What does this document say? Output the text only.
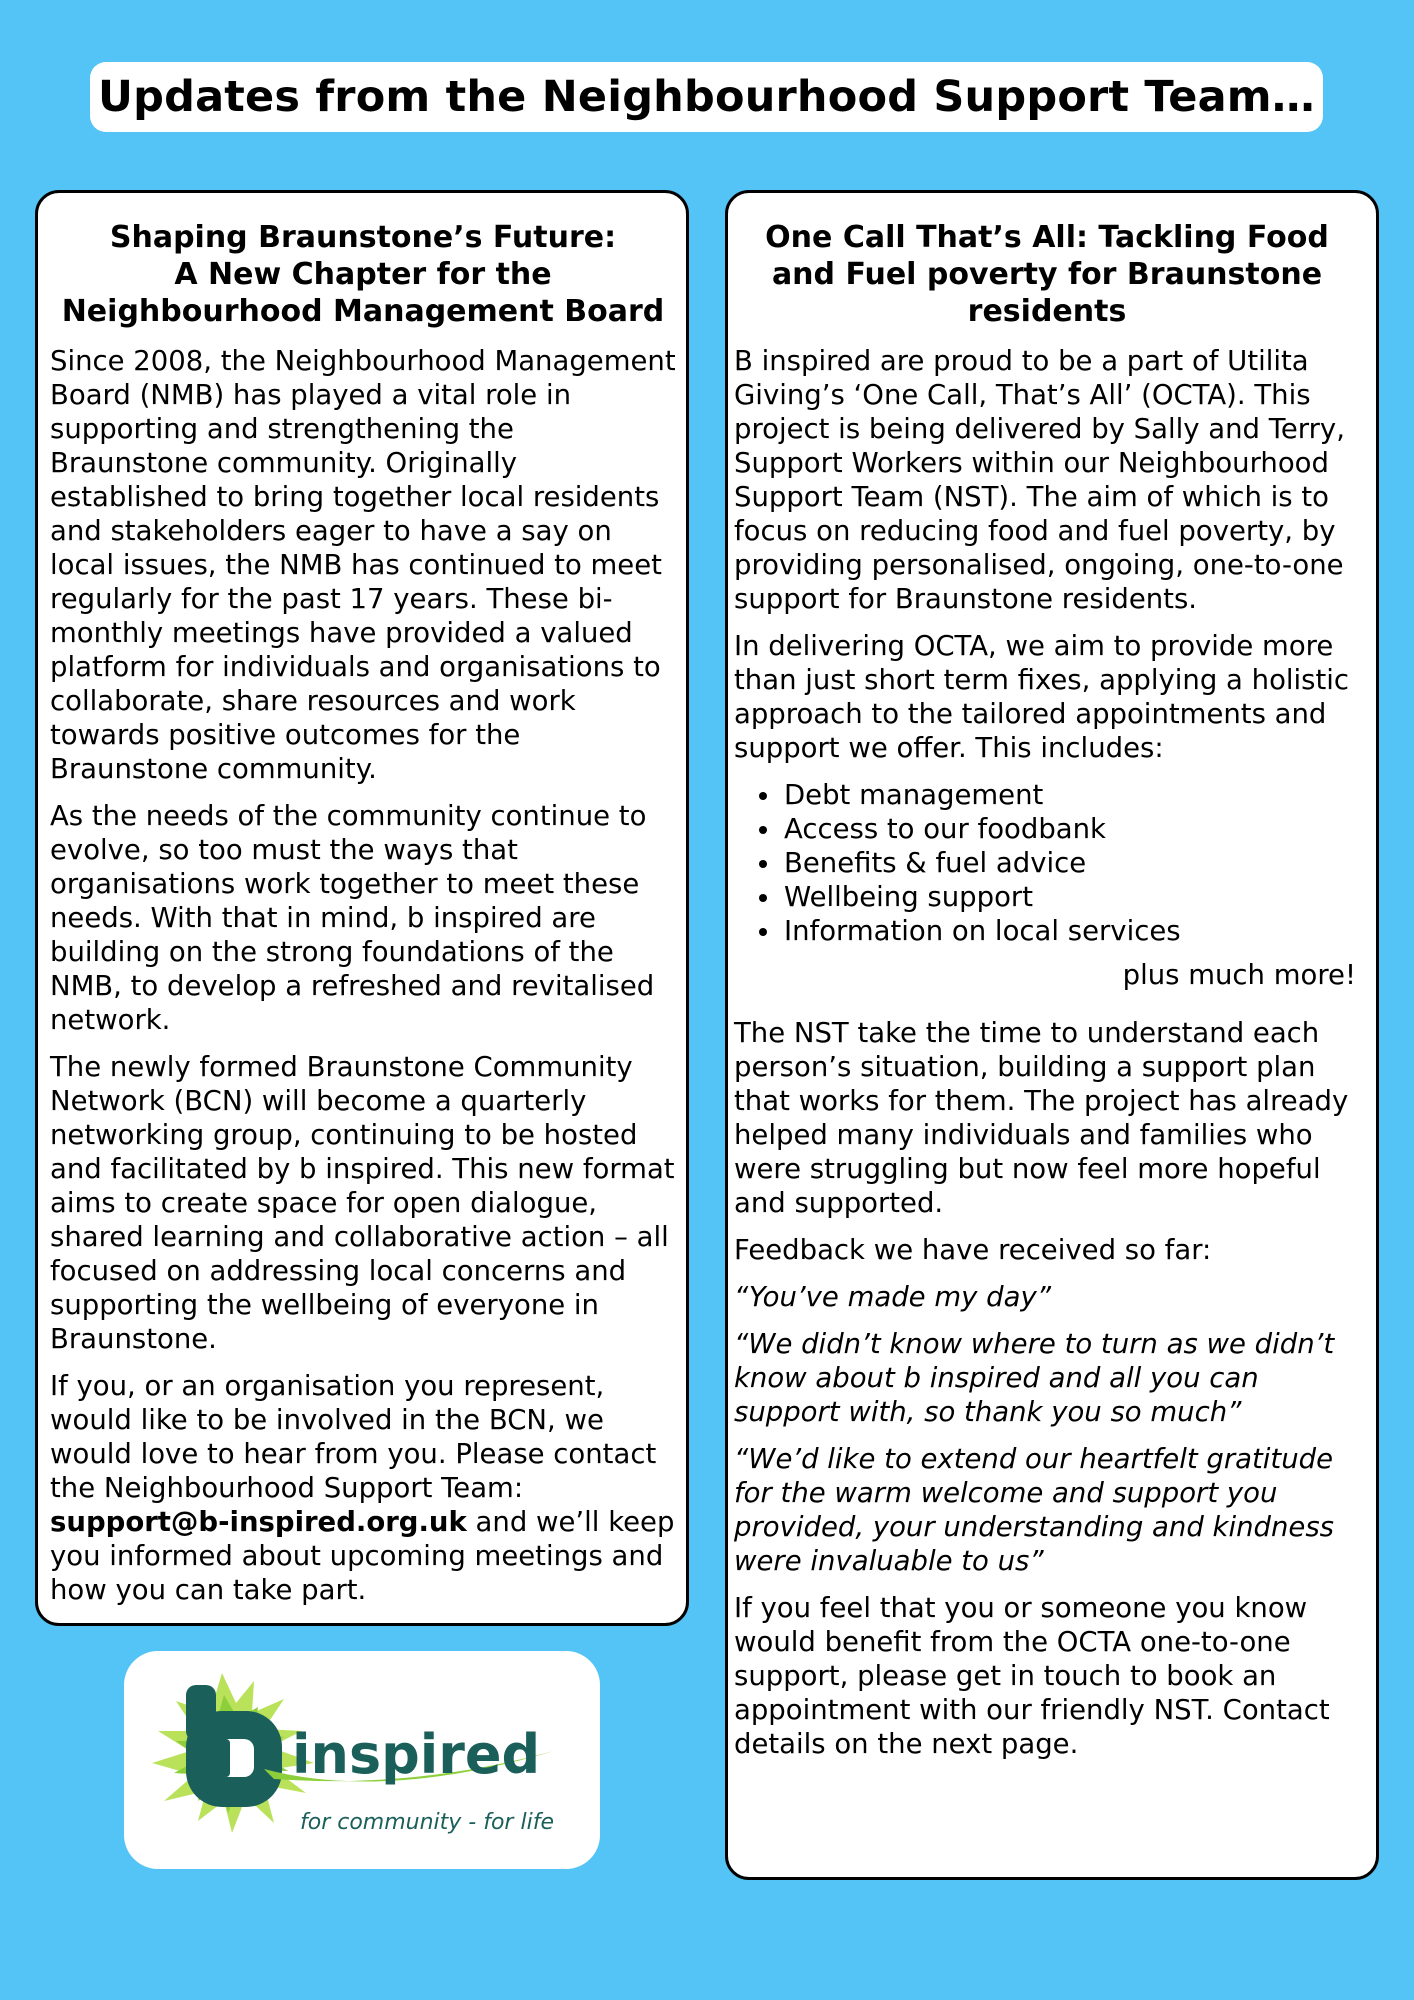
Updates from the Neighbourhood Support Team…
Shaping Braunstone’s Future:
A New Chapter for the
Neighbourhood Management Board

Since 2008, the Neighbourhood Management Board (NMB) has played a vital role in supporting and strengthening the Braunstone community. Originally established to bring together local residents and stakeholders eager to have a say on local issues, the NMB has continued to meet regularly for the past 17 years. These bi-monthly meetings have provided a valued platform for individuals and organisations to collaborate, share resources and work towards positive outcomes for the Braunstone community.

As the needs of the community continue to evolve, so too must the ways that organisations work together to meet these needs. With that in mind, b inspired are building on the strong foundations of the NMB, to develop a refreshed and revitalised network.

The newly formed Braunstone Community Network (BCN) will become a quarterly networking group, continuing to be hosted and facilitated by b inspired. This new format aims to create space for open dialogue, shared learning and collaborative action – all focused on addressing local concerns and supporting the wellbeing of everyone in Braunstone.

If you, or an organisation you represent, would like to be involved in the BCN, we would love to hear from you. Please contact the Neighbourhood Support Team: support@b-inspired.org.uk and we’ll keep you informed about upcoming meetings and how you can take part.

One Call That’s All: Tackling Food
and Fuel poverty for Braunstone
residents

B inspired are proud to be a part of Utilita Giving’s ‘One Call, That’s All’ (OCTA). This project is being delivered by Sally and Terry, Support Workers within our Neighbourhood Support Team (NST). The aim of which is to focus on reducing food and fuel poverty, by providing personalised, ongoing, one-to-one support for Braunstone residents.

In delivering OCTA, we aim to provide more than just short term fixes, applying a holistic approach to the tailored appointments and support we offer. This includes:

• Debt management
• Access to our foodbank
• Benefits & fuel advice
• Wellbeing support
• Information on local services

plus much more!

The NST take the time to understand each person’s situation, building a support plan that works for them. The project has already helped many individuals and families who were struggling but now feel more hopeful and supported.

Feedback we have received so far:

“You’ve made my day”

“We didn’t know where to turn as we didn’t know about b inspired and all you can support with, so thank you so much”

“We’d like to extend our heartfelt gratitude for the warm welcome and support you provided, your understanding and kindness were invaluable to us”

If you feel that you or someone you know would benefit from the OCTA one-to-one support, please get in touch to book an appointment with our friendly NST. Contact details on the next page.

inspired
for community - for life
